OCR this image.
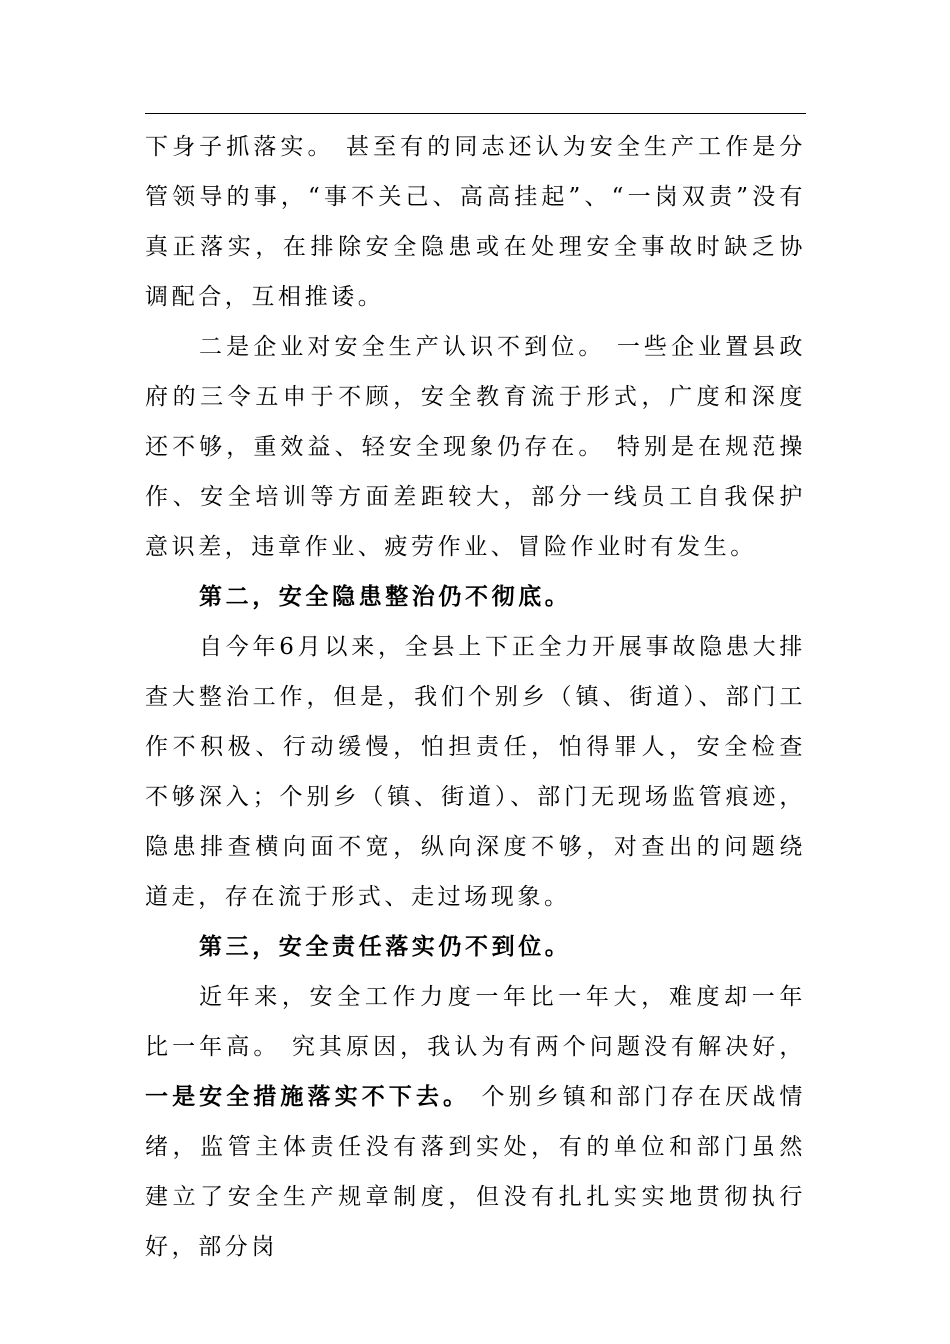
下身子抓落实。 甚至有的同志还认为安全生产工作是分管领导的事，“事不关己、高高挂起”、“一岗双责”没有真正落实，在排除安全隐患或在处理安全事故时缺乏协调配合，互相推诿。

二是企业对安全生产认识不到位。 一些企业置县政府的三令五申于不顾，安全教育流于形式，广度和深度还不够，重效益、轻安全现象仍存在。 特别是在规范操作、安全培训等方面差距较大，部分一线员工自我保护意识差，违章作业、疲劳作业、冒险作业时有发生。

第二，安全隐患整治仍不彻底。

自今年6月以来，全县上下正全力开展事故隐患大排查大整治工作，但是，我们个别乡（镇、街道）、部门工作不积极、行动缓慢，怕担责任，怕得罪人，安全检查不够深入；个别乡（镇、街道）、部门无现场监管痕迹，隐患排查横向面不宽，纵向深度不够，对查出的问题绕道走，存在流于形式、走过场现象。

第三，安全责任落实仍不到位。

近年来，安全工作力度一年比一年大，难度却一年比一年高。 究其原因，我认为有两个问题没有解决好，一是安全措施落实不下去。 个别乡镇和部门存在厌战情绪，监管主体责任没有落到实处，有的单位和部门虽然建立了安全生产规章制度，但没有扎扎实实地贯彻执行好，部分岗
